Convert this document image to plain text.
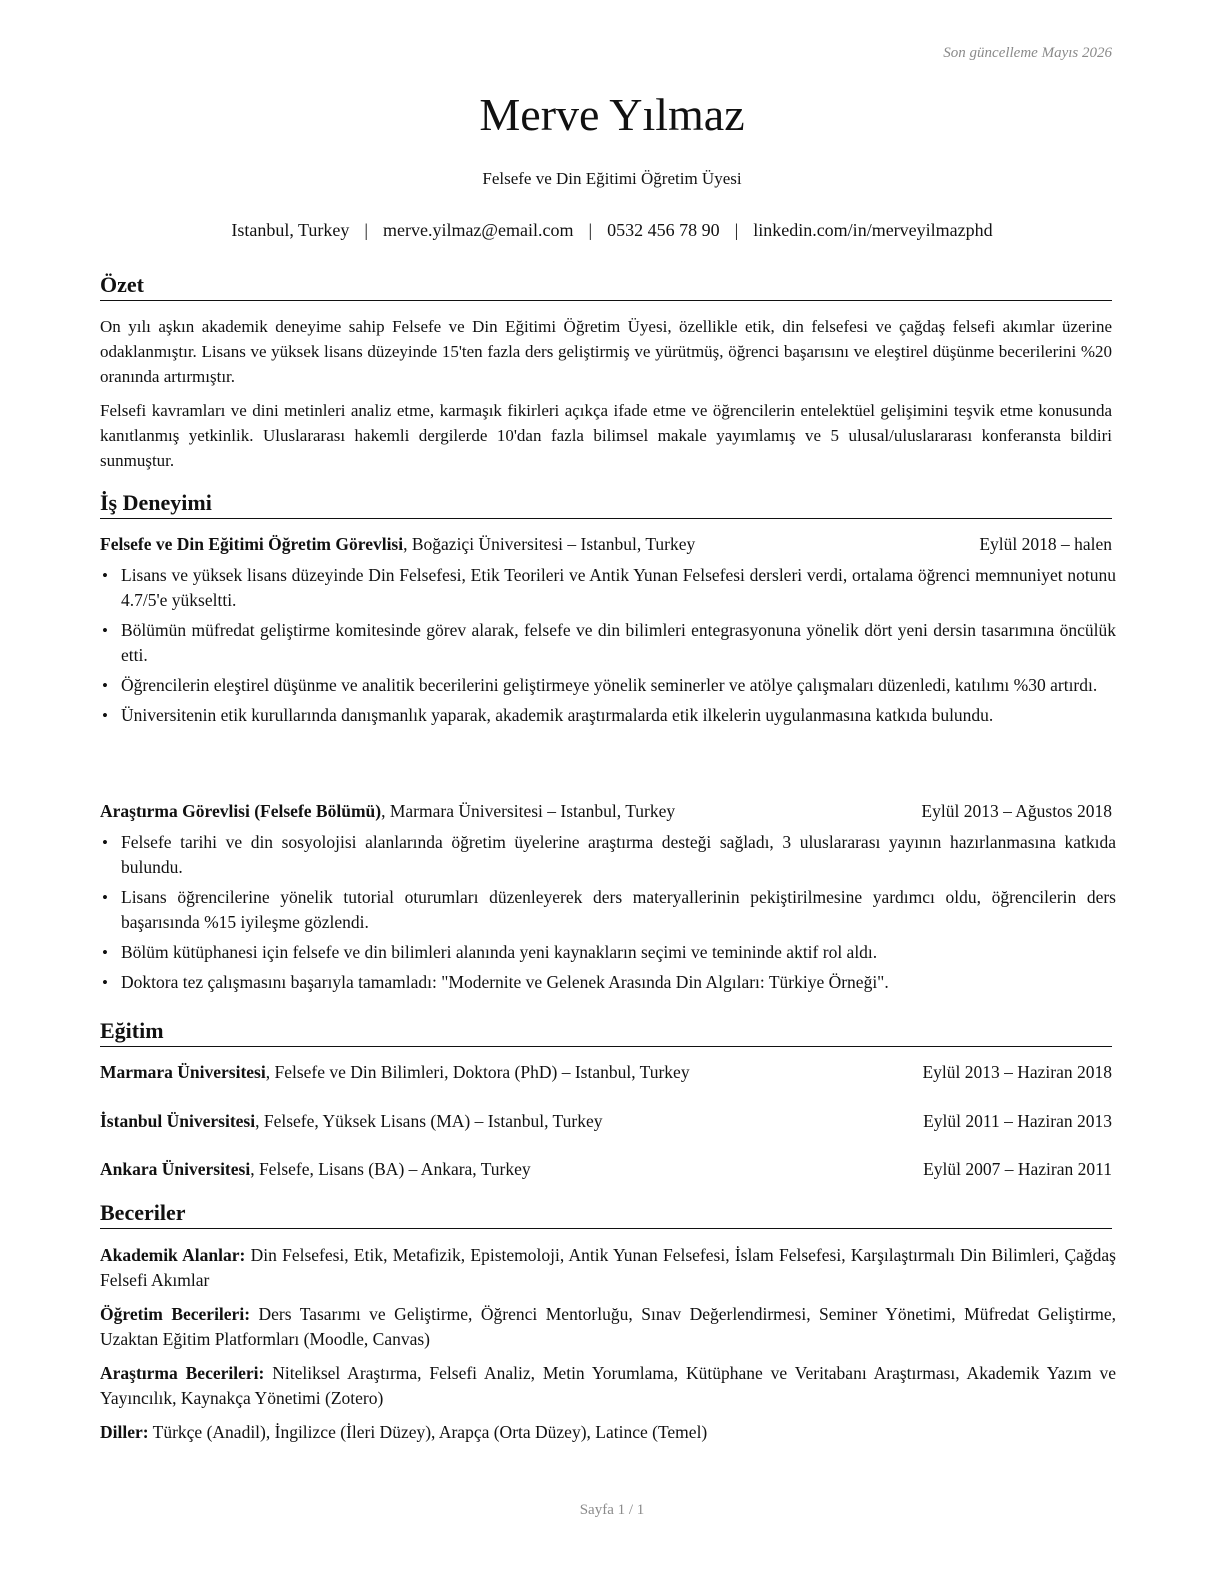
Son güncelleme Mayıs 2026
Merve Yılmaz
Felsefe ve Din Eğitimi Öğretim Üyesi
Istanbul, Turkey | merve.yilmaz@email.com | 0532 456 78 90 | linkedin.com/in/merveyilmazphd
Özet
On yılı aşkın akademik deneyime sahip Felsefe ve Din Eğitimi Öğretim Üyesi, özellikle etik, din felsefesi ve çağdaş felsefi akımlar üzerine odaklanmıştır. Lisans ve yüksek lisans düzeyinde 15'ten fazla ders geliştirmiş ve yürütmüş, öğrenci başarısını ve eleştirel düşünme becerilerini %20 oranında artırmıştır.
Felsefi kavramları ve dini metinleri analiz etme, karmaşık fikirleri açıkça ifade etme ve öğrencilerin entelektüel gelişimini teşvik etme konusunda kanıtlanmış yetkinlik. Uluslararası hakemli dergilerde 10'dan fazla bilimsel makale yayımlamış ve 5 ulusal/uluslararası konferansta bildiri sunmuştur.
İş Deneyimi
Felsefe ve Din Eğitimi Öğretim Görevlisi, Boğaziçi Üniversitesi – Istanbul, Turkey	Eylül 2018 – halen
• Lisans ve yüksek lisans düzeyinde Din Felsefesi, Etik Teorileri ve Antik Yunan Felsefesi dersleri verdi, ortalama öğrenci memnuniyet notunu 4.7/5'e yükseltti.
• Bölümün müfredat geliştirme komitesinde görev alarak, felsefe ve din bilimleri entegrasyonuna yönelik dört yeni dersin tasarımına öncülük etti.
• Öğrencilerin eleştirel düşünme ve analitik becerilerini geliştirmeye yönelik seminerler ve atölye çalışmaları düzenledi, katılımı %30 artırdı.
• Üniversitenin etik kurullarında danışmanlık yaparak, akademik araştırmalarda etik ilkelerin uygulanmasına katkıda bulundu.
Araştırma Görevlisi (Felsefe Bölümü), Marmara Üniversitesi – Istanbul, Turkey	Eylül 2013 – Ağustos 2018
• Felsefe tarihi ve din sosyolojisi alanlarında öğretim üyelerine araştırma desteği sağladı, 3 uluslararası yayının hazırlanmasına katkıda bulundu.
• Lisans öğrencilerine yönelik tutorial oturumları düzenleyerek ders materyallerinin pekiştirilmesine yardımcı oldu, öğrencilerin ders başarısında %15 iyileşme gözlendi.
• Bölüm kütüphanesi için felsefe ve din bilimleri alanında yeni kaynakların seçimi ve temininde aktif rol aldı.
• Doktora tez çalışmasını başarıyla tamamladı: "Modernite ve Gelenek Arasında Din Algıları: Türkiye Örneği".
Eğitim
Marmara Üniversitesi, Felsefe ve Din Bilimleri, Doktora (PhD) – Istanbul, Turkey	Eylül 2013 – Haziran 2018
İstanbul Üniversitesi, Felsefe, Yüksek Lisans (MA) – Istanbul, Turkey	Eylül 2011 – Haziran 2013
Ankara Üniversitesi, Felsefe, Lisans (BA) – Ankara, Turkey	Eylül 2007 – Haziran 2011
Beceriler
Akademik Alanlar: Din Felsefesi, Etik, Metafizik, Epistemoloji, Antik Yunan Felsefesi, İslam Felsefesi, Karşılaştırmalı Din Bilimleri, Çağdaş Felsefi Akımlar
Öğretim Becerileri: Ders Tasarımı ve Geliştirme, Öğrenci Mentorluğu, Sınav Değerlendirmesi, Seminer Yönetimi, Müfredat Geliştirme, Uzaktan Eğitim Platformları (Moodle, Canvas)
Araştırma Becerileri: Niteliksel Araştırma, Felsefi Analiz, Metin Yorumlama, Kütüphane ve Veritabanı Araştırması, Akademik Yazım ve Yayıncılık, Kaynakça Yönetimi (Zotero)
Diller: Türkçe (Anadil), İngilizce (İleri Düzey), Arapça (Orta Düzey), Latince (Temel)
Sayfa 1 / 1
